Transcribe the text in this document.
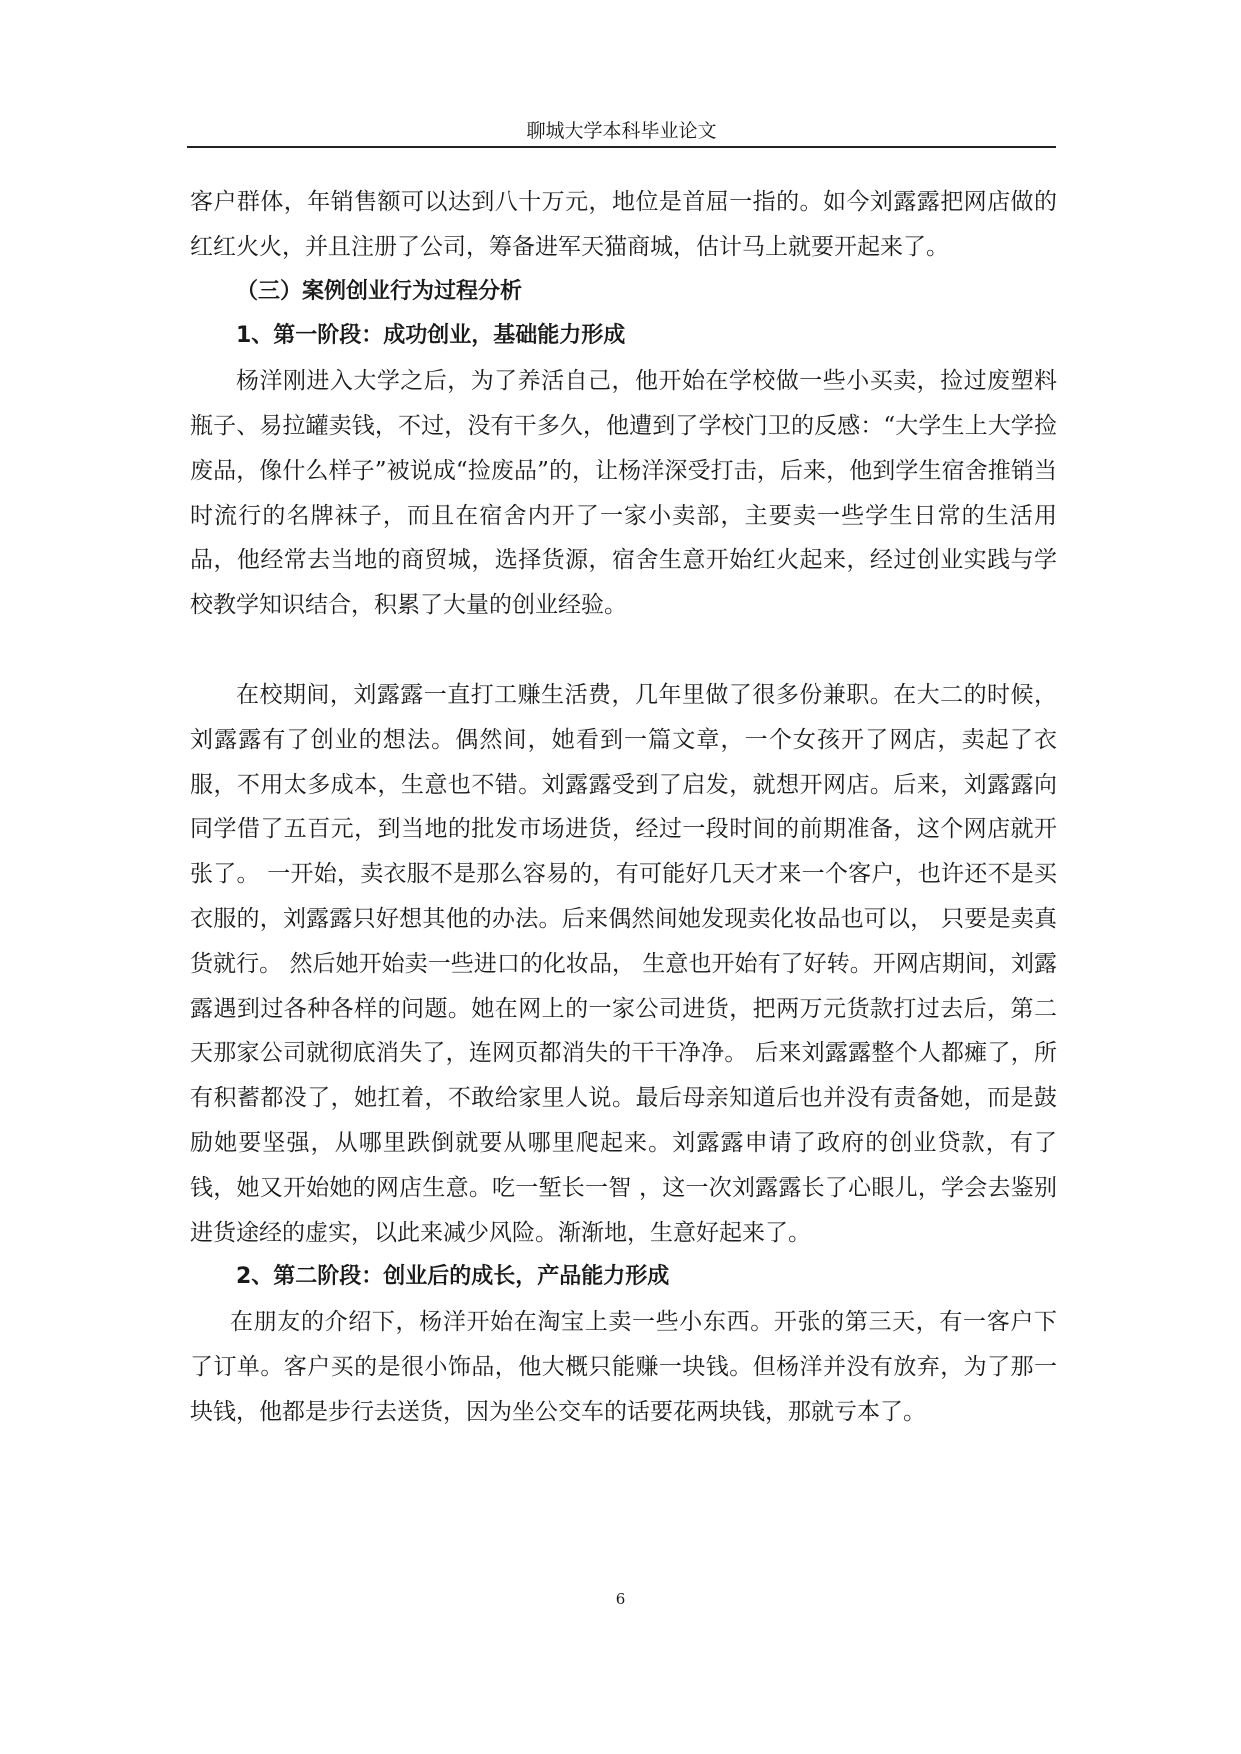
聊城大学本科毕业论文

客户群体，年销售额可以达到八十万元，地位是首屈一指的。如今刘露露把网店做的红红火火，并且注册了公司，筹备进军天猫商城，估计马上就要开起来了。

（三）案例创业行为过程分析
1、第一阶段：成功创业，基础能力形成

杨洋刚进入大学之后，为了养活自己，他开始在学校做一些小买卖，捡过废塑料瓶子、易拉罐卖钱，不过，没有干多久，他遭到了学校门卫的反感：“大学生上大学捡废品，像什么样子”被说成“捡废品”的，让杨洋深受打击，后来，他到学生宿舍推销当时流行的名牌袜子，而且在宿舍内开了一家小卖部，主要卖一些学生日常的生活用品，他经常去当地的商贸城，选择货源，宿舍生意开始红火起来，经过创业实践与学校教学知识结合，积累了大量的创业经验。

在校期间，刘露露一直打工赚生活费，几年里做了很多份兼职。在大二的时候，刘露露有了创业的想法。偶然间，她看到一篇文章，一个女孩开了网店，卖起了衣服，不用太多成本，生意也不错。刘露露受到了启发，就想开网店。后来，刘露露向同学借了五百元，到当地的批发市场进货，经过一段时间的前期准备，这个网店就开张了。 一开始，卖衣服不是那么容易的，有可能好几天才来一个客户，也许还不是买衣服的，刘露露只好想其他的办法。后来偶然间她发现卖化妆品也可以， 只要是卖真货就行。 然后她开始卖一些进口的化妆品， 生意也开始有了好转。开网店期间，刘露露遇到过各种各样的问题。她在网上的一家公司进货，把两万元货款打过去后，第二天那家公司就彻底消失了，连网页都消失的干干净净。 后来刘露露整个人都瘫了，所有积蓄都没了，她扛着，不敢给家里人说。最后母亲知道后也并没有责备她，而是鼓励她要坚强，从哪里跌倒就要从哪里爬起来。刘露露申请了政府的创业贷款，有了钱，她又开始她的网店生意。吃一堑长一智 ，这一次刘露露长了心眼儿，学会去鉴别进货途经的虚实，以此来减少风险。渐渐地，生意好起来了。

2、第二阶段：创业后的成长，产品能力形成

在朋友的介绍下，杨洋开始在淘宝上卖一些小东西。开张的第三天，有一客户下了订单。客户买的是很小饰品，他大概只能赚一块钱。但杨洋并没有放弃，为了那一块钱，他都是步行去送货，因为坐公交车的话要花两块钱，那就亏本了。

6
